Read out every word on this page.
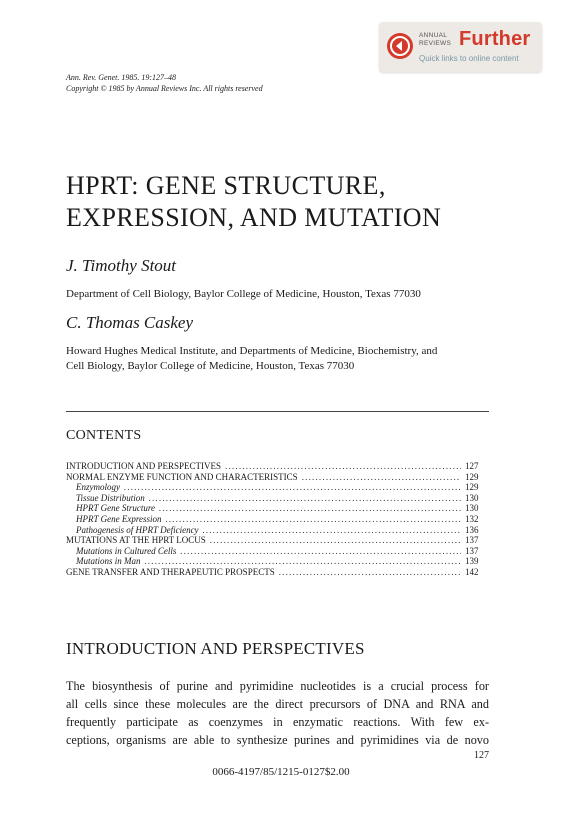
ANNUAL
REVIEWS Further
Quick links to online content
Ann. Rev. Genet. 1985. 19:127–48
Copyright © 1985 by Annual Reviews Inc. All rights reserved
HPRT: GENE STRUCTURE,
EXPRESSION, AND MUTATION
J. Timothy Stout
Department of Cell Biology, Baylor College of Medicine, Houston, Texas 77030
C. Thomas Caskey
Howard Hughes Medical Institute, and Departments of Medicine, Biochemistry, and
Cell Biology, Baylor College of Medicine, Houston, Texas 77030
CONTENTS
INTRODUCTION AND PERSPECTIVES .....	127
NORMAL ENZYME FUNCTION AND CHARACTERISTICS .....	129
Enzymology .....	129
Tissue Distribution .....	130
HPRT Gene Structure .....	130
HPRT Gene Expression .....	132
Pathogenesis of HPRT Deficiency .....	136
MUTATIONS AT THE HPRT LOCUS .....	137
Mutations in Cultured Cells .....	137
Mutations in Man .....	139
GENE TRANSFER AND THERAPEUTIC PROSPECTS .....	142
INTRODUCTION AND PERSPECTIVES
The biosynthesis of purine and pyrimidine nucleotides is a crucial process for
all cells since these molecules are the direct precursors of DNA and RNA and
frequently participate as coenzymes in enzymatic reactions. With few ex-
ceptions, organisms are able to synthesize purines and pyrimidines via de novo
127
0066-4197/85/1215-0127$2.00
